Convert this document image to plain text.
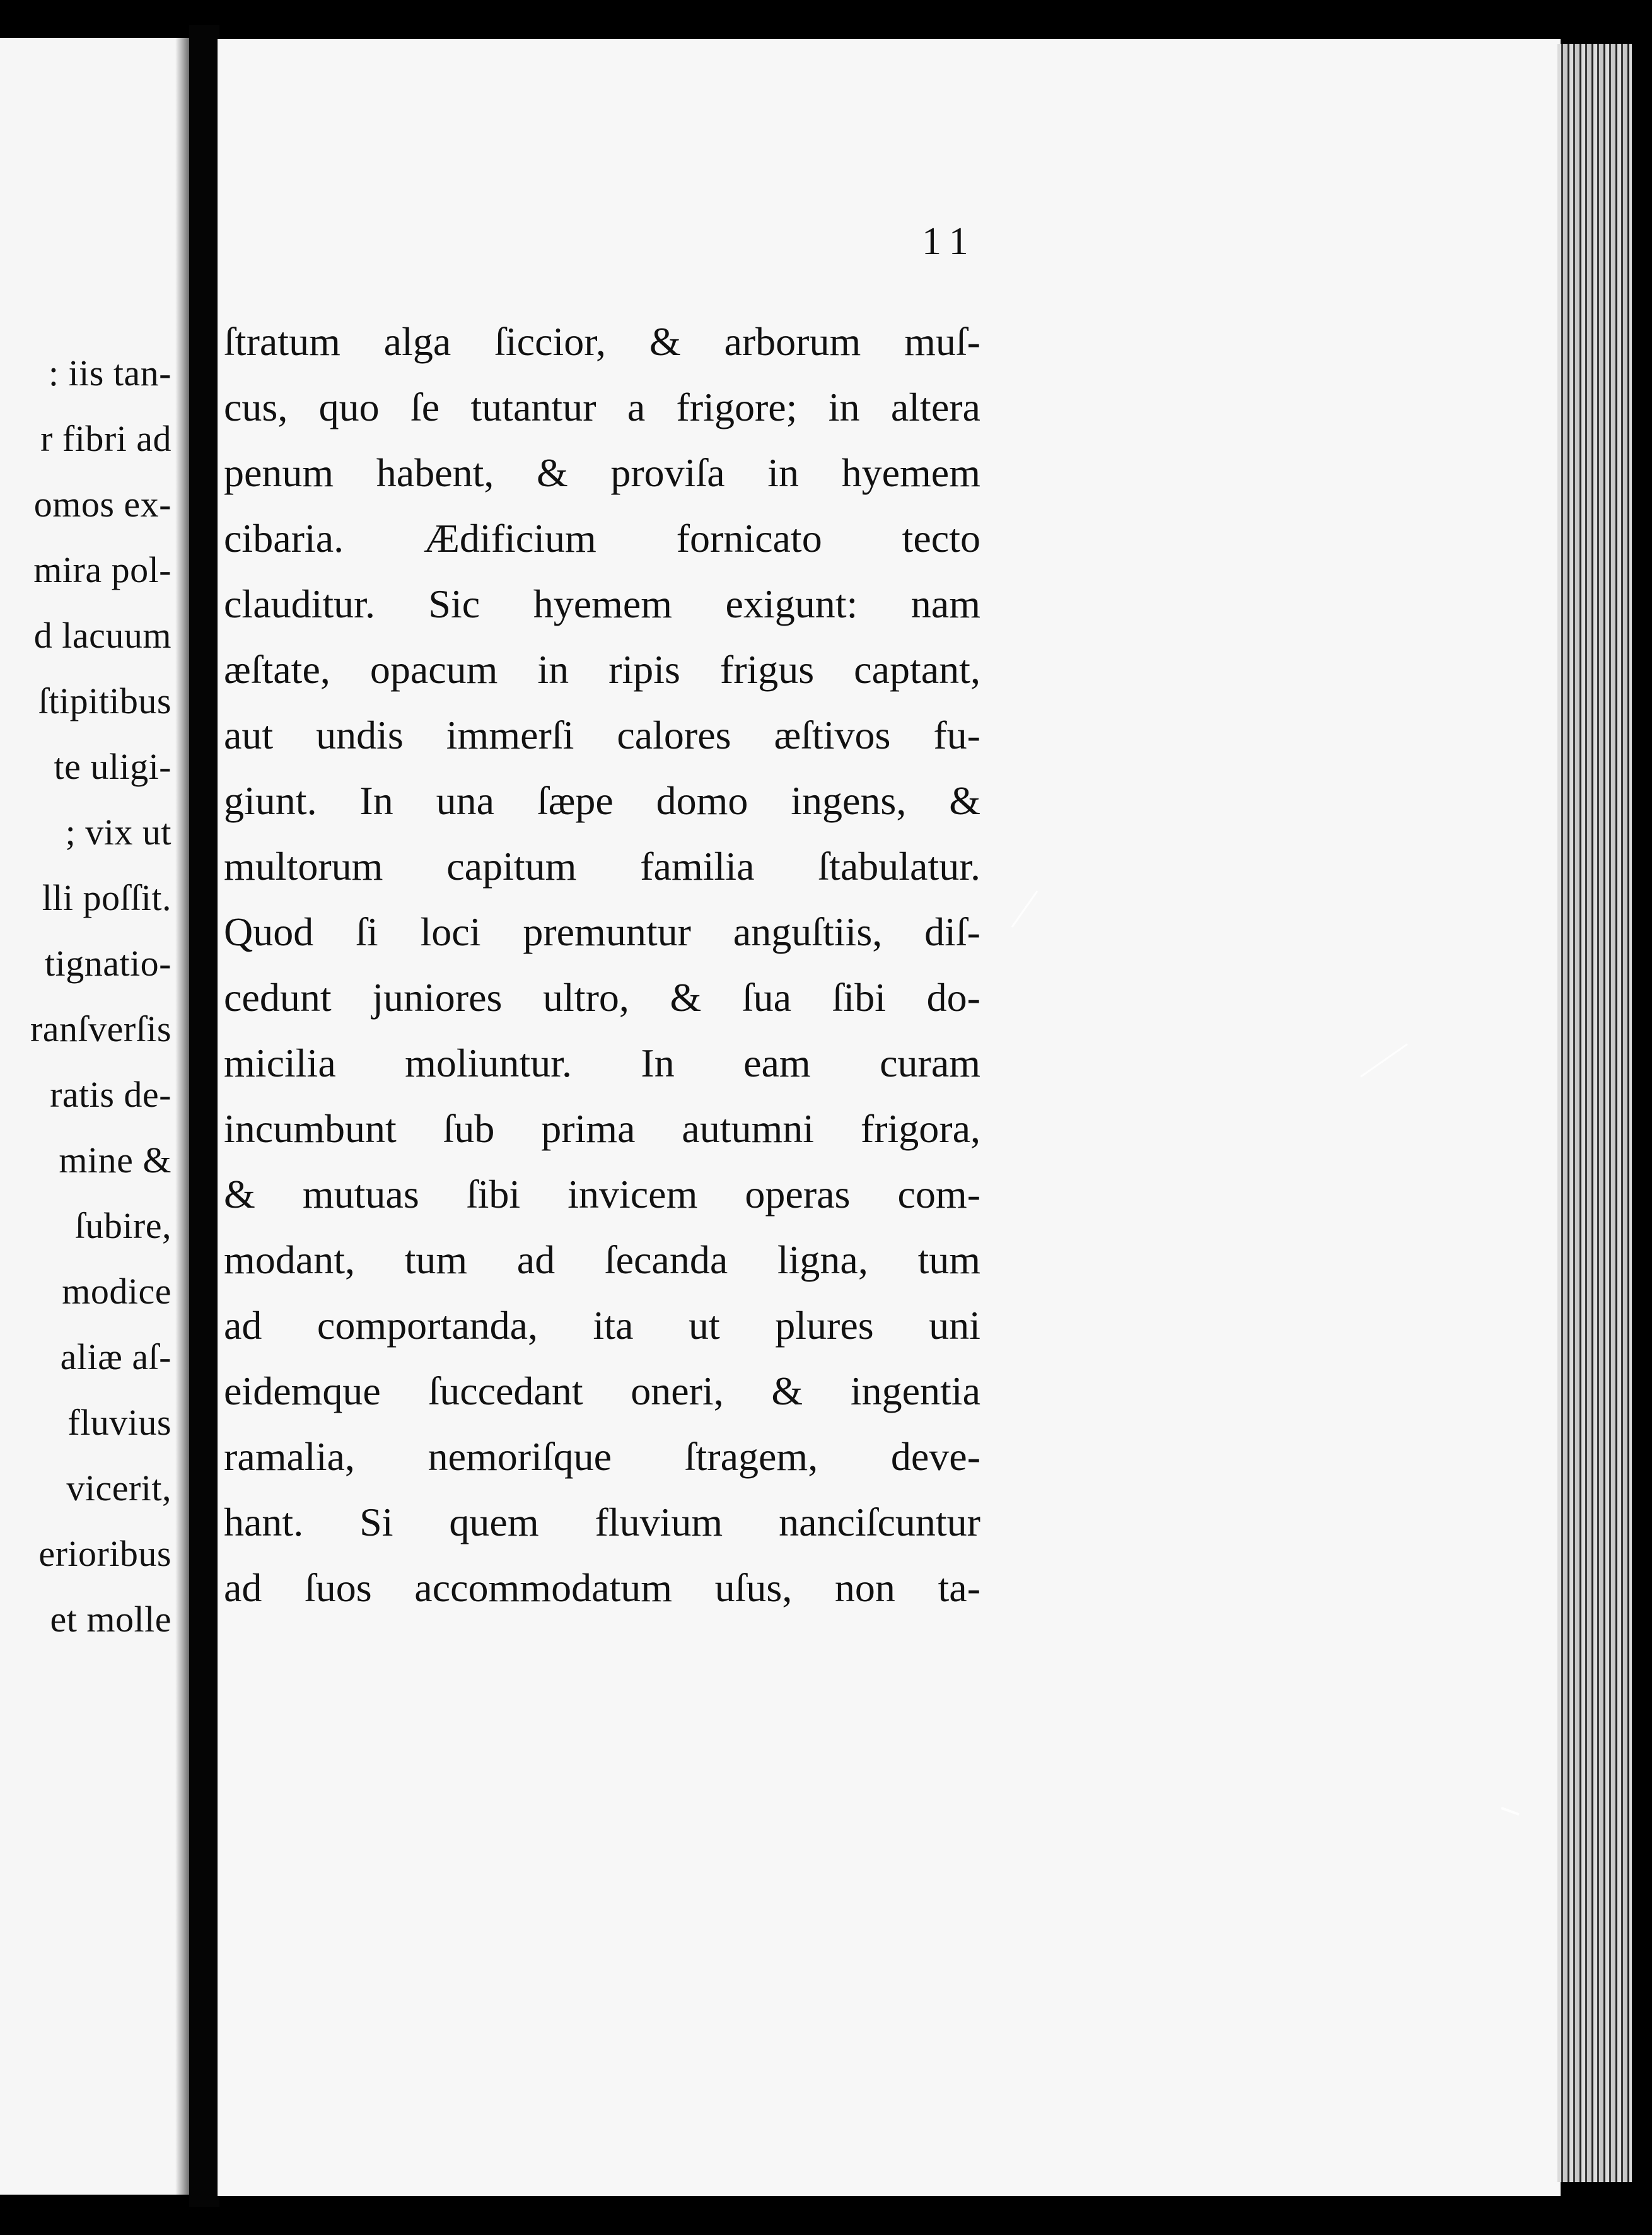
: iis tan-
r fibri ad
omos ex-
mira pol-
d lacuum
ſtipitibus
te uligi-
; vix ut
lli poſſit.
tignatio-
ranſverſis
ratis de-
mine &
ſubire,
modice
aliæ aſ-
fluvius
vicerit,
erioribus
et molle
11
ſtratum alga ſiccior, & arborum muſ-
cus, quo ſe tutantur a frigore; in altera
penum habent, & proviſa in hyemem
cibaria. Ædificium fornicato tecto
clauditur. Sic hyemem exigunt: nam
æſtate, opacum in ripis frigus captant,
aut undis immerſi calores æſtivos fu-
giunt. In una ſæpe domo ingens, &
multorum capitum familia ſtabulatur.
Quod ſi loci premuntur anguſtiis, diſ-
cedunt juniores ultro, & ſua ſibi do-
micilia moliuntur. In eam curam
incumbunt ſub prima autumni frigora,
& mutuas ſibi invicem operas com-
modant, tum ad ſecanda ligna, tum
ad comportanda, ita ut plures uni
eidemque ſuccedant oneri, & ingentia
ramalia, nemoriſque ſtragem, deve-
hant. Si quem fluvium nanciſcuntur
ad ſuos accommodatum uſus, non ta-
